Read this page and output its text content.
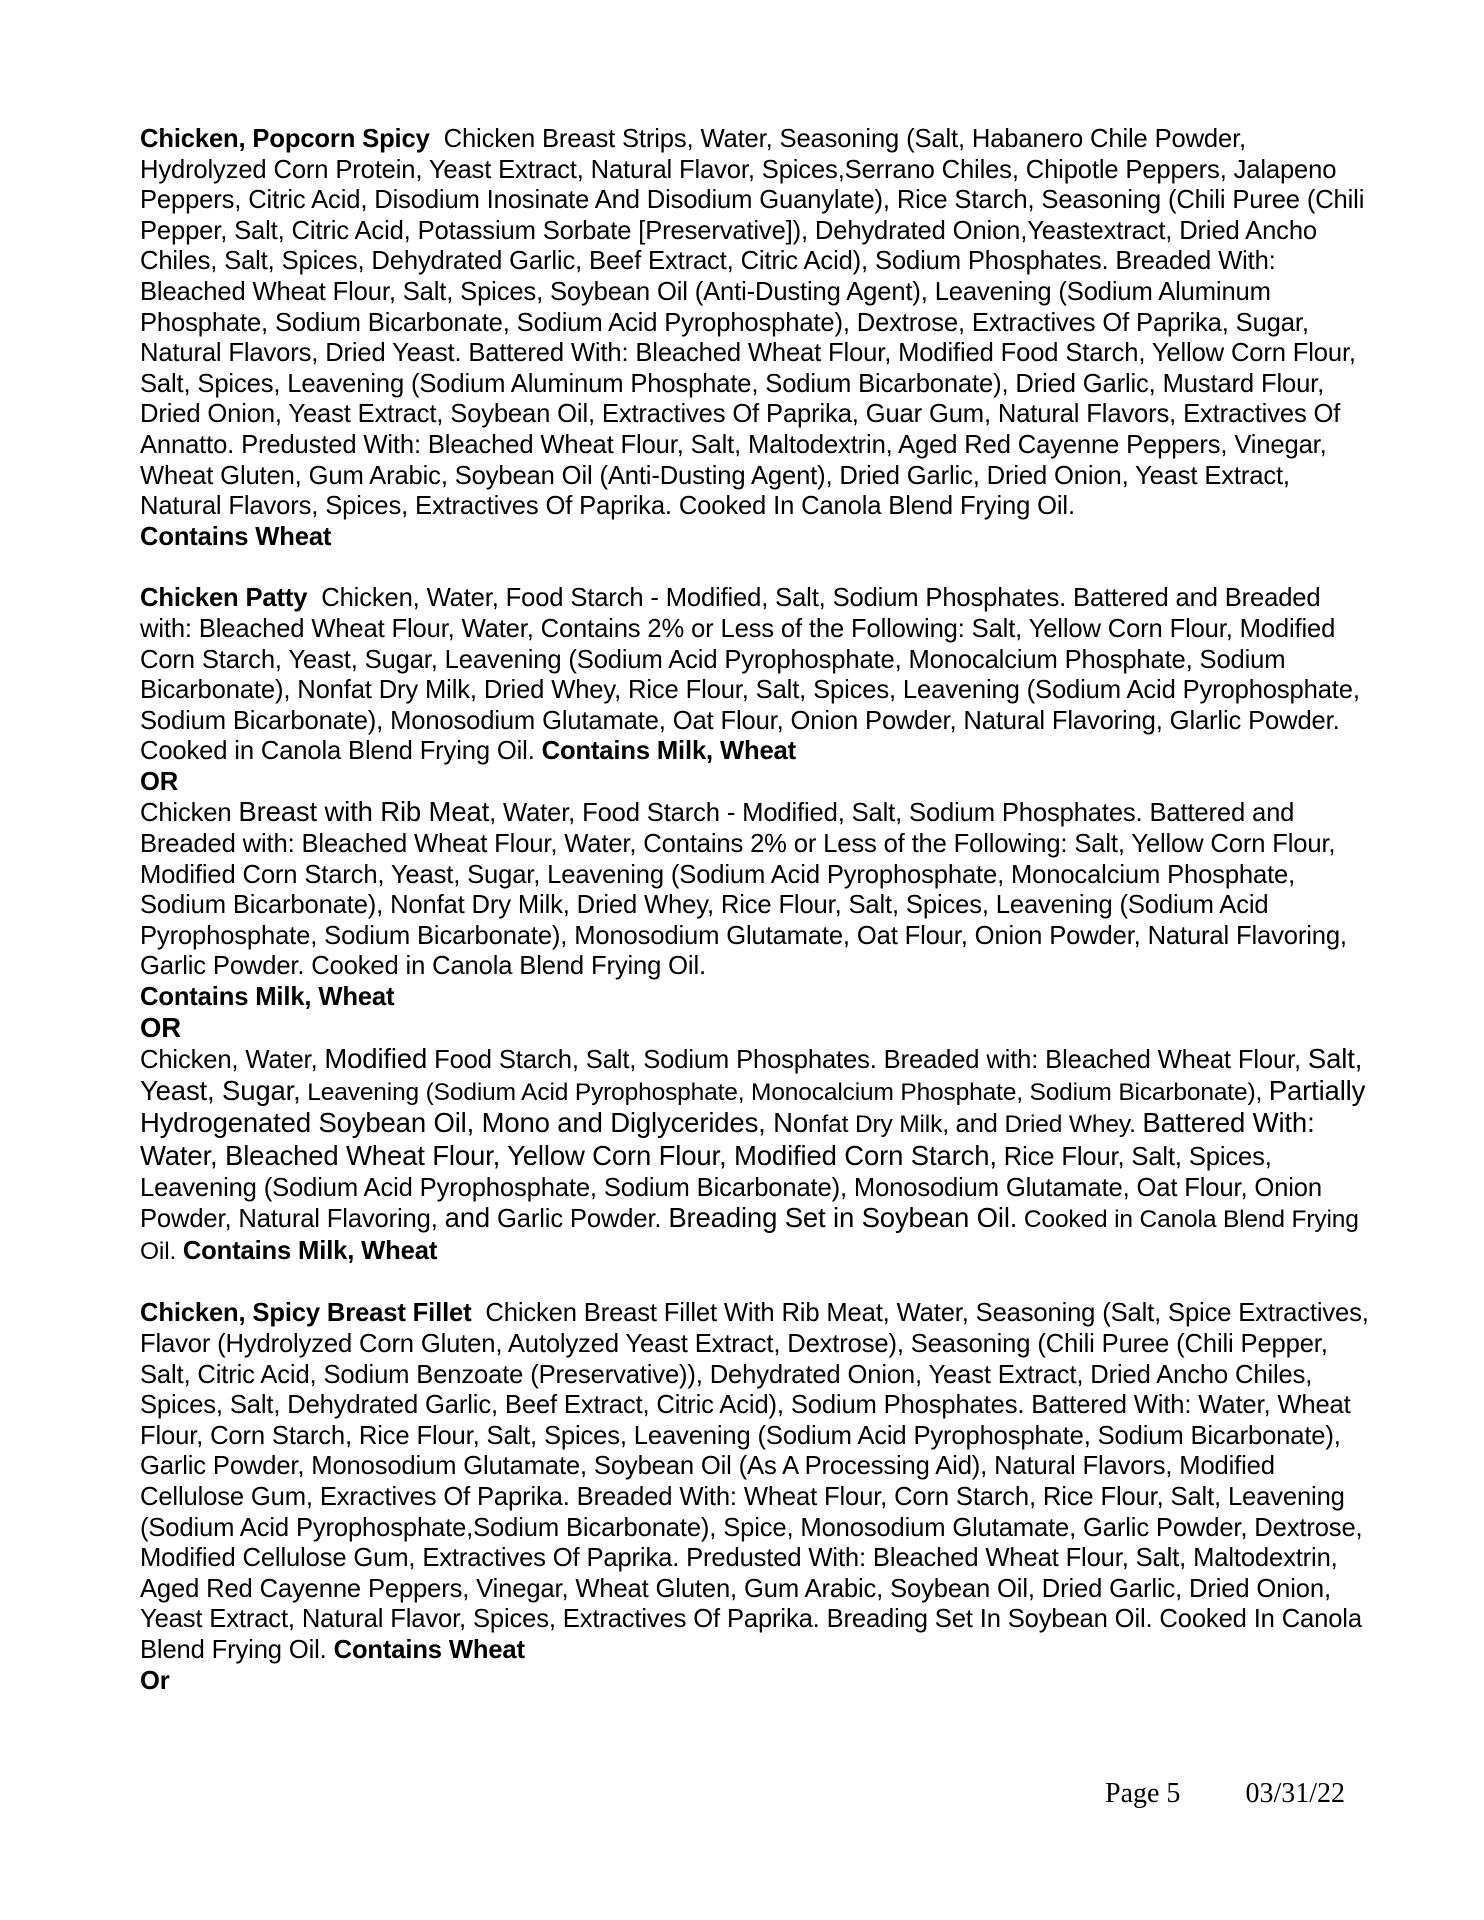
Chicken, Popcorn Spicy Chicken Breast Strips, Water, Seasoning (Salt, Habanero Chile Powder, Hydrolyzed Corn Protein, Yeast Extract, Natural Flavor, Spices,Serrano Chiles, Chipotle Peppers, Jalapeno Peppers, Citric Acid, Disodium Inosinate And Disodium Guanylate), Rice Starch, Seasoning (Chili Puree (Chili Pepper, Salt, Citric Acid, Potassium Sorbate [Preservative]), Dehydrated Onion,Yeastextract, Dried Ancho Chiles, Salt, Spices, Dehydrated Garlic, Beef Extract, Citric Acid), Sodium Phosphates. Breaded With: Bleached Wheat Flour, Salt, Spices, Soybean Oil (Anti-Dusting Agent), Leavening (Sodium Aluminum Phosphate, Sodium Bicarbonate, Sodium Acid Pyrophosphate), Dextrose, Extractives Of Paprika, Sugar, Natural Flavors, Dried Yeast. Battered With: Bleached Wheat Flour, Modified Food Starch, Yellow Corn Flour, Salt, Spices, Leavening (Sodium Aluminum Phosphate, Sodium Bicarbonate), Dried Garlic, Mustard Flour, Dried Onion, Yeast Extract, Soybean Oil, Extractives Of Paprika, Guar Gum, Natural Flavors, Extractives Of Annatto. Predusted With: Bleached Wheat Flour, Salt, Maltodextrin, Aged Red Cayenne Peppers, Vinegar, Wheat Gluten, Gum Arabic, Soybean Oil (Anti-Dusting Agent), Dried Garlic, Dried Onion, Yeast Extract, Natural Flavors, Spices, Extractives Of Paprika. Cooked In Canola Blend Frying Oil.
Contains Wheat

Chicken Patty Chicken, Water, Food Starch - Modified, Salt, Sodium Phosphates. Battered and Breaded with: Bleached Wheat Flour, Water, Contains 2% or Less of the Following: Salt, Yellow Corn Flour, Modified Corn Starch, Yeast, Sugar, Leavening (Sodium Acid Pyrophosphate, Monocalcium Phosphate, Sodium Bicarbonate), Nonfat Dry Milk, Dried Whey, Rice Flour, Salt, Spices, Leavening (Sodium Acid Pyrophosphate, Sodium Bicarbonate), Monosodium Glutamate, Oat Flour, Onion Powder, Natural Flavoring, Glarlic Powder. Cooked in Canola Blend Frying Oil. Contains Milk, Wheat
OR

Chicken Breast with Rib Meat, Water, Food Starch - Modified, Salt, Sodium Phosphates. Battered and Breaded with: Bleached Wheat Flour, Water, Contains 2% or Less of the Following: Salt, Yellow Corn Flour, Modified Corn Starch, Yeast, Sugar, Leavening (Sodium Acid Pyrophosphate, Monocalcium Phosphate, Sodium Bicarbonate), Nonfat Dry Milk, Dried Whey, Rice Flour, Salt, Spices, Leavening (Sodium Acid Pyrophosphate, Sodium Bicarbonate), Monosodium Glutamate, Oat Flour, Onion Powder, Natural Flavoring, Garlic Powder. Cooked in Canola Blend Frying Oil.
Contains Milk, Wheat
OR

Chicken, Water, Modified Food Starch, Salt, Sodium Phosphates. Breaded with: Bleached Wheat Flour, Salt, Yeast, Sugar, Leavening (Sodium Acid Pyrophosphate, Monocalcium Phosphate, Sodium Bicarbonate), Partially Hydrogenated Soybean Oil, Mono and Diglycerides, Nonfat Dry Milk, and Dried Whey. Battered With: Water, Bleached Wheat Flour, Yellow Corn Flour, Modified Corn Starch, Rice Flour, Salt, Spices, Leavening (Sodium Acid Pyrophosphate, Sodium Bicarbonate), Monosodium Glutamate, Oat Flour, Onion Powder, Natural Flavoring, and Garlic Powder. Breading Set in Soybean Oil. Cooked in Canola Blend Frying Oil. Contains Milk, Wheat

Chicken, Spicy Breast Fillet Chicken Breast Fillet With Rib Meat, Water, Seasoning (Salt, Spice Extractives, Flavor (Hydrolyzed Corn Gluten, Autolyzed Yeast Extract, Dextrose), Seasoning (Chili Puree (Chili Pepper, Salt, Citric Acid, Sodium Benzoate (Preservative)), Dehydrated Onion, Yeast Extract, Dried Ancho Chiles, Spices, Salt, Dehydrated Garlic, Beef Extract, Citric Acid), Sodium Phosphates. Battered With: Water, Wheat Flour, Corn Starch, Rice Flour, Salt, Spices, Leavening (Sodium Acid Pyrophosphate, Sodium Bicarbonate), Garlic Powder, Monosodium Glutamate, Soybean Oil (As A Processing Aid), Natural Flavors, Modified Cellulose Gum, Exractives Of Paprika. Breaded With: Wheat Flour, Corn Starch, Rice Flour, Salt, Leavening (Sodium Acid Pyrophosphate,Sodium Bicarbonate), Spice, Monosodium Glutamate, Garlic Powder, Dextrose, Modified Cellulose Gum, Extractives Of Paprika. Predusted With: Bleached Wheat Flour, Salt, Maltodextrin, Aged Red Cayenne Peppers, Vinegar, Wheat Gluten, Gum Arabic, Soybean Oil, Dried Garlic, Dried Onion, Yeast Extract, Natural Flavor, Spices, Extractives Of Paprika. Breading Set In Soybean Oil. Cooked In Canola Blend Frying Oil. Contains Wheat
Or

Page 5 03/31/22
